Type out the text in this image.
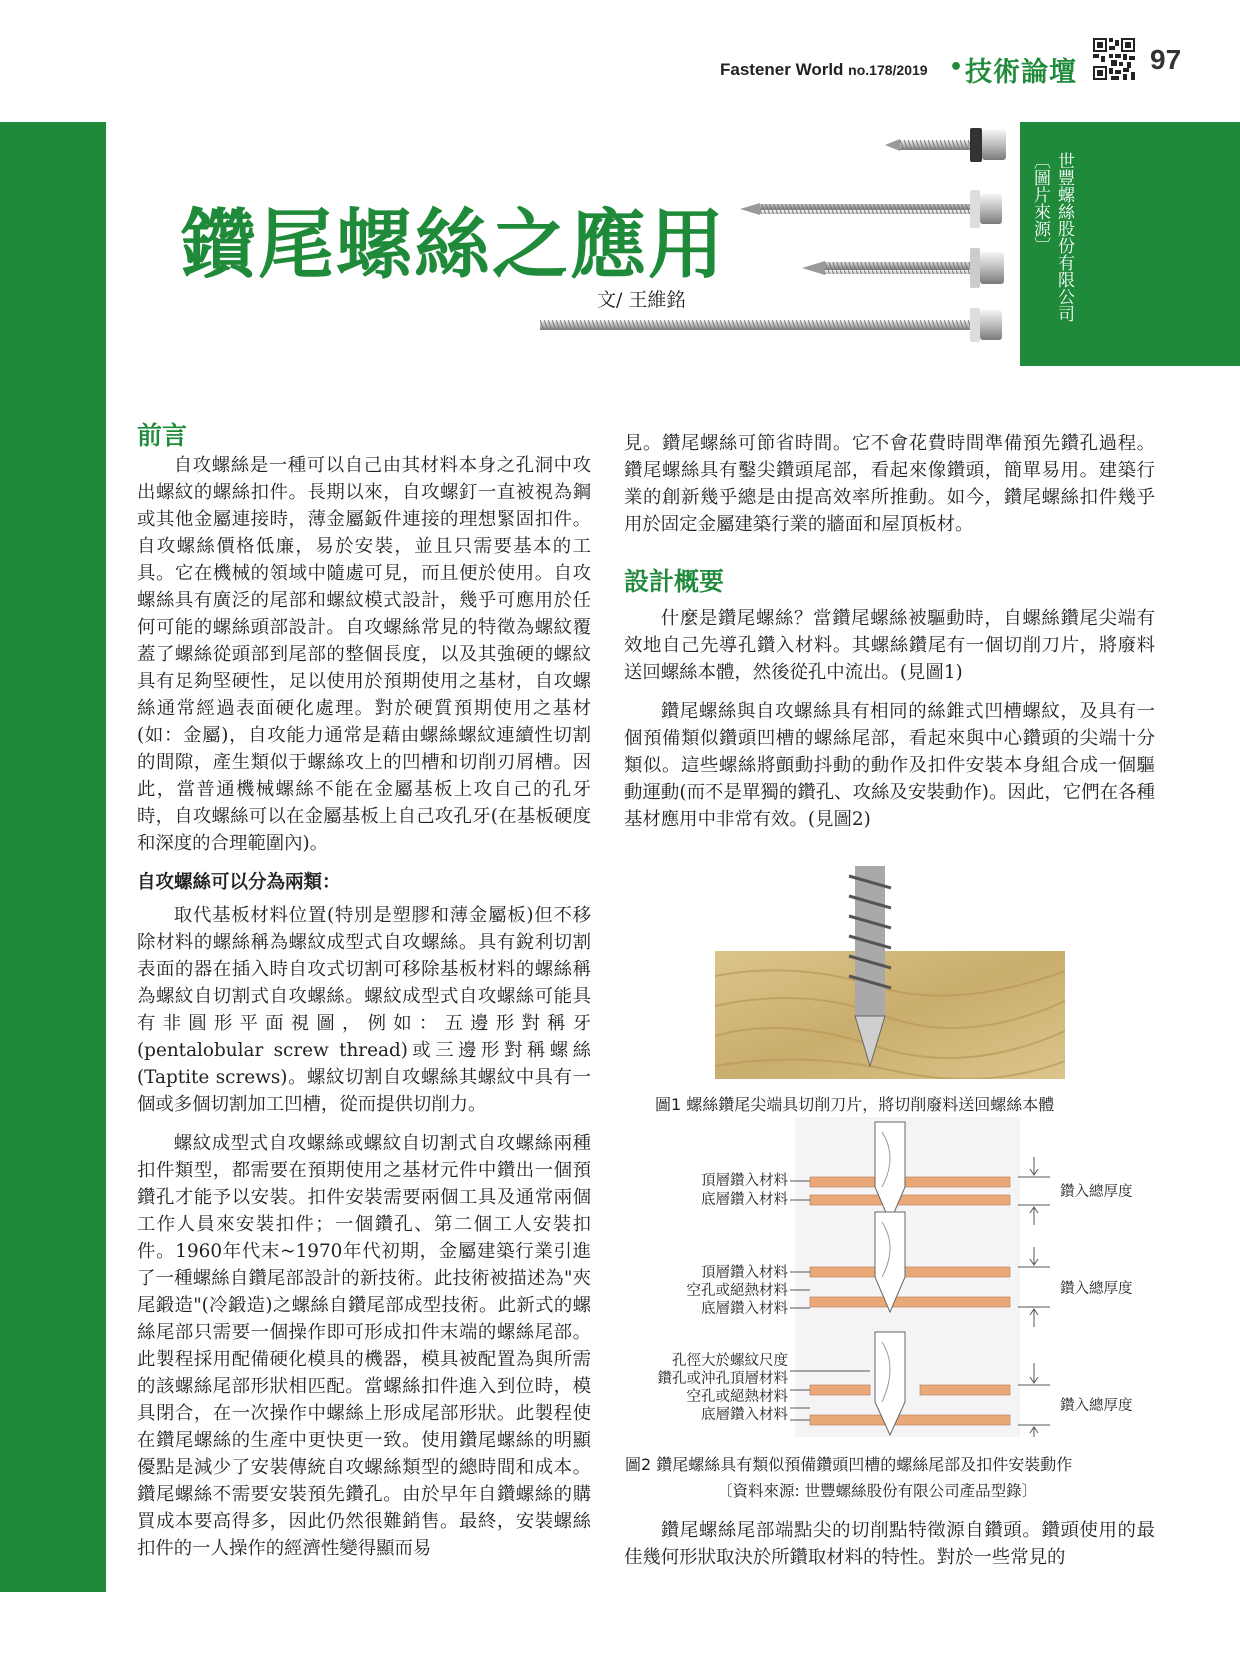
Fastener World no.178/2019 • 技術論壇	97
世豐螺絲股份有限公司〔圖片來源〕
鑽尾螺絲之應用
文/ 王維銘
前言

自攻螺絲是一種可以自己由其材料本身之孔洞中攻出螺紋的螺絲扣件。長期以來，自攻螺釘一直被視為鋼或其他金屬連接時，薄金屬鈑件連接的理想緊固扣件。自攻螺絲價格低廉，易於安裝，並且只需要基本的工具。它在機械的領域中隨處可見，而且便於使用。自攻螺絲具有廣泛的尾部和螺紋模式設計，幾乎可應用於任何可能的螺絲頭部設計。自攻螺絲常見的特徵為螺紋覆蓋了螺絲從頭部到尾部的整個長度，以及其強硬的螺紋具有足夠堅硬性，足以使用於預期使用之基材，自攻螺絲通常經過表面硬化處理。對於硬質預期使用之基材(如：金屬)，自攻能力通常是藉由螺絲螺紋連續性切割的間隙，產生類似于螺絲攻上的凹槽和切削刃屑槽。因此，當普通機械螺絲不能在金屬基板上攻自己的孔牙時，自攻螺絲可以在金屬基板上自己攻孔牙(在基板硬度和深度的合理範圍內)。

自攻螺絲可以分為兩類：

取代基板材料位置(特別是塑膠和薄金屬板)但不移除材料的螺絲稱為螺紋成型式自攻螺絲。具有銳利切割表面的器在插入時自攻式切割可移除基板材料的螺絲稱為螺紋自切割式自攻螺絲。螺紋成型式自攻螺絲可能具有非圓形平面視圖，例如：五邊形對稱牙(pentalobular screw thread)或三邊形對稱螺絲(Taptite screws)。螺紋切割自攻螺絲其螺紋中具有一個或多個切割加工凹槽，從而提供切削力。

螺紋成型式自攻螺絲或螺紋自切割式自攻螺絲兩種扣件類型，都需要在預期使用之基材元件中鑽出一個預鑽孔才能予以安裝。扣件安裝需要兩個工具及通常兩個工作人員來安裝扣件；一個鑽孔、第二個工人安裝扣件。1960年代末~1970年代初期，金屬建築行業引進了一種螺絲自鑽尾部設計的新技術。此技術被描述為"夾尾鍛造"(冷鍛造)之螺絲自鑽尾部成型技術。此新式的螺絲尾部只需要一個操作即可形成扣件末端的螺絲尾部。此製程採用配備硬化模具的機器，模具被配置為與所需的該螺絲尾部形狀相匹配。當螺絲扣件進入到位時，模具閉合，在一次操作中螺絲上形成尾部形狀。此製程使在鑽尾螺絲的生產中更快更一致。使用鑽尾螺絲的明顯優點是減少了安裝傳統自攻螺絲類型的總時間和成本。鑽尾螺絲不需要安裝預先鑽孔。由於早年自鑽螺絲的購買成本要高得多，因此仍然很難銷售。最終，安裝螺絲扣件的一人操作的經濟性變得顯而易

見。鑽尾螺絲可節省時間。它不會花費時間準備預先鑽孔過程。鑽尾螺絲具有鑿尖鑽頭尾部，看起來像鑽頭，簡單易用。建築行業的創新幾乎總是由提高效率所推動。如今，鑽尾螺絲扣件幾乎用於固定金屬建築行業的牆面和屋頂板材。

設計概要

什麼是鑽尾螺絲？當鑽尾螺絲被驅動時，自螺絲鑽尾尖端有效地自己先導孔鑽入材料。其螺絲鑽尾有一個切削刀片，將廢料送回螺絲本體，然後從孔中流出。(見圖1)

鑽尾螺絲與自攻螺絲具有相同的絲錐式凹槽螺紋，及具有一個預備類似鑽頭凹槽的螺絲尾部，看起來與中心鑽頭的尖端十分類似。這些螺絲將顫動抖動的動作及扣件安裝本身組合成一個驅動運動(而不是單獨的鑽孔、攻絲及安裝動作)。因此，它們在各種基材應用中非常有效。(見圖2)

圖1 螺絲鑽尾尖端具切削刀片，將切削廢料送回螺絲本體
頂層鑽入材料
底層鑽入材料	鑽入總厚度
頂層鑽入材料
空孔或絕熱材料
底層鑽入材料
鑽入總厚度
孔徑大於螺紋尺度
鑽孔或沖孔頂層材料
空孔或絕熱材料
底層鑽入材料
鑽入總厚度
圖2 鑽尾螺絲具有類似預備鑽頭凹槽的螺絲尾部及扣件安裝動作
〔資料來源: 世豐螺絲股份有限公司產品型錄〕

鑽尾螺絲尾部端點尖的切削點特徵源自鑽頭。鑽頭使用的最佳幾何形狀取決於所鑽取材料的特性。對於一些常見的
